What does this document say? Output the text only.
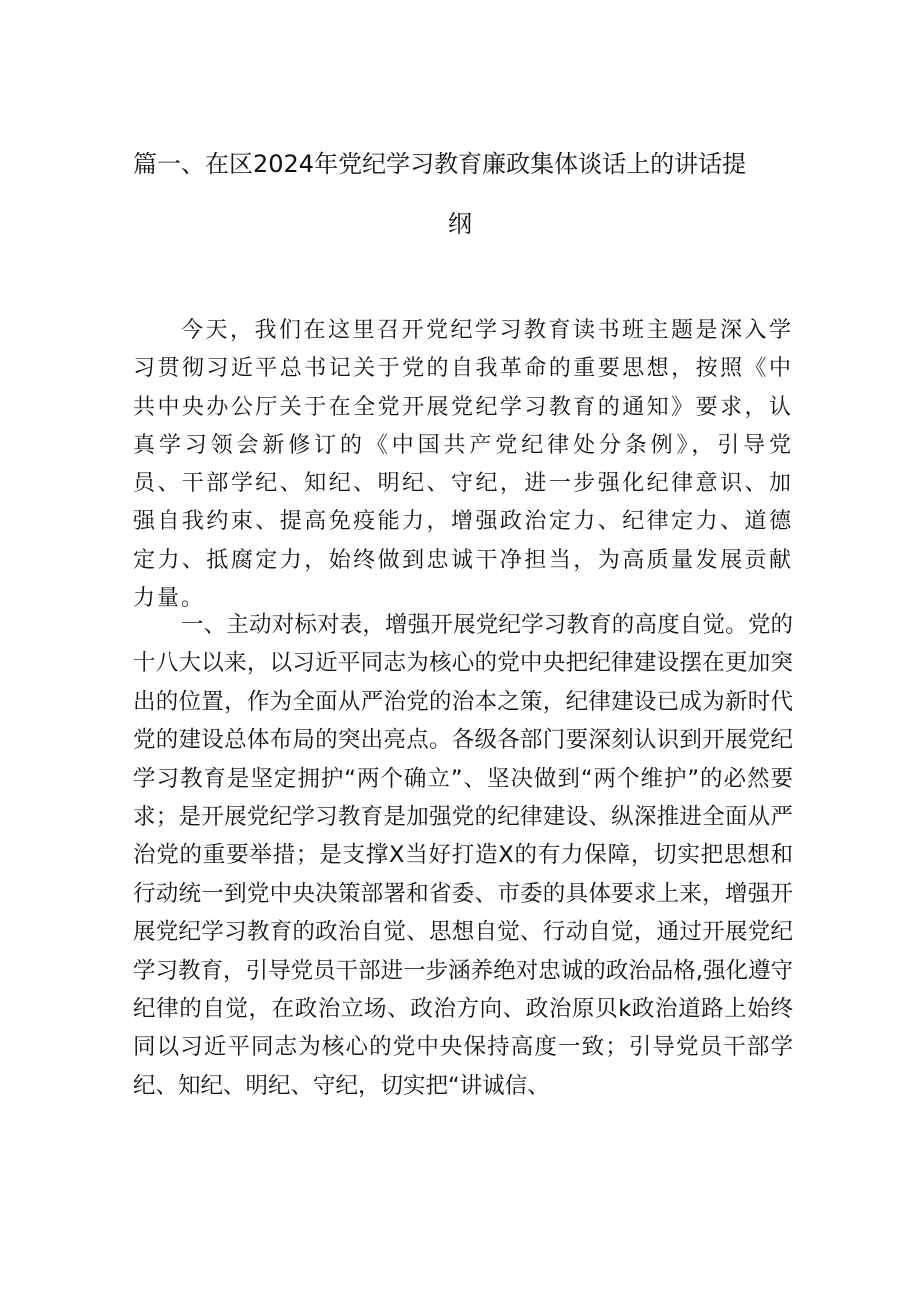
篇一、在区2024年党纪学习教育廉政集体谈话上的讲话提
纲

今天，我们在这里召开党纪学习教育读书班主题是深入学习贯彻习近平总书记关于党的自我革命的重要思想，按照《中共中央办公厅关于在全党开展党纪学习教育的通知》要求，认真学习领会新修订的《中国共产党纪律处分条例》，引导党员、干部学纪、知纪、明纪、守纪，进一步强化纪律意识、加强自我约束、提高免疫能力，增强政治定力、纪律定力、道德定力、抵腐定力，始终做到忠诚干净担当，为高质量发展贡献力量。

一、主动对标对表，增强开展党纪学习教育的高度自觉。党的十八大以来，以习近平同志为核心的党中央把纪律建设摆在更加突出的位置，作为全面从严治党的治本之策，纪律建设已成为新时代党的建设总体布局的突出亮点。各级各部门要深刻认识到开展党纪学习教育是坚定拥护“两个确立”、坚决做到“两个维护”的必然要求；是开展党纪学习教育是加强党的纪律建设、纵深推进全面从严治党的重要举措；是支撑X当好打造X的有力保障，切实把思想和行动统一到党中央决策部署和省委、市委的具体要求上来，增强开展党纪学习教育的政治自觉、思想自觉、行动自觉，通过开展党纪学习教育，引导党员干部进一步涵养绝对忠诚的政治品格,强化遵守纪律的自觉，在政治立场、政治方向、政治原贝k政治道路上始终同以习近平同志为核心的党中央保持高度一致；引导党员干部学纪、知纪、明纪、守纪，切实把“讲诚信、
